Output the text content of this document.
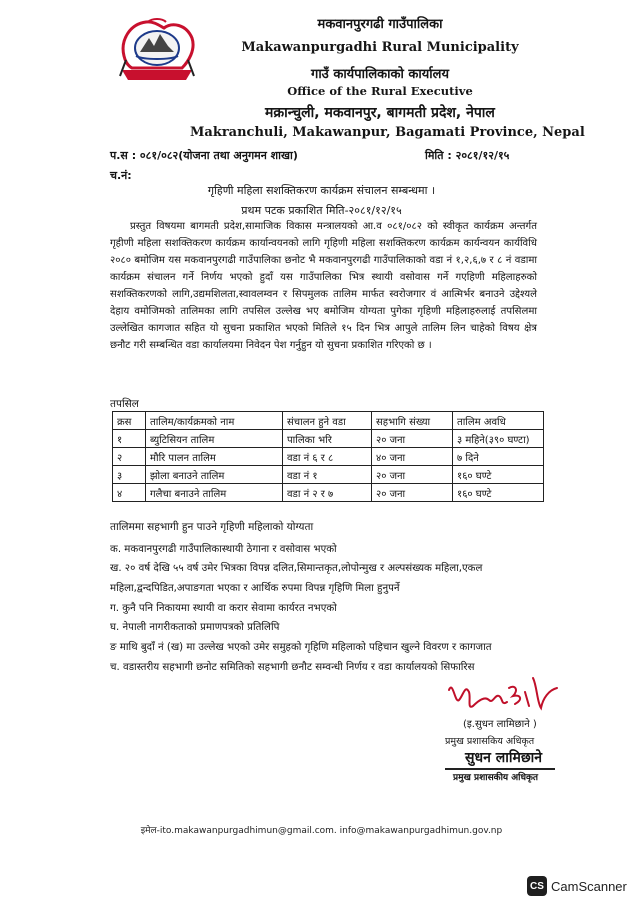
मकवानपुरगढी गाउँपालिका
Makawanpurgadhi Rural Municipality
गाउँ कार्यपालिकाको कार्यालय
Office of the Rural Executive
मक्रान्चुली, मकवानपुर, बागमती प्रदेश, नेपाल
Makranchuli, Makawanpur, Bagamati Province, Nepal
प.स : ०८१/०८२(योजना तथा अनुगमन शाखा)
च.नं:
मिति : २०८१/१२/१५
गृहिणी महिला सशक्तिकरण कार्यक्रम संचालन सम्बन्धमा ।
प्रथम पटक प्रकाशित मिति-२०८१/१२/१५
प्रस्तुत विषयमा बागमती प्रदेश,सामाजिक विकास मन्त्रालयको आ.व ०८१/०८२ को स्वीकृत कार्यक्रम अन्तर्गत गृहीणी महिला सशक्तिकरण कार्यक्रम कार्यान्वयनको लागि गृहिणी महिला सशक्तिकरण कार्यक्रम कार्यन्वयन कार्यविधि २०८० बमोजिम यस मकवानपुरगढी गाउँपालिका छनोट भै मकवानपुरगढी गाउँपालिकाको वडा नं १,२,६,७ र ८ नं वडामा कार्यक्रम संचालन गर्ने निर्णय भएको हुदाँ यस गाउँपालिका भित्र स्थायी वसोवास गर्ने गएहिणी महिलाहरुको सशक्तिकरणको लागि,उद्यमशिलता,स्वावलम्वन र सिपमुलक तालिम मार्फत स्वरोजगार वं आत्मिर्भर बनाउने उद्देश्यले देहाय वमोजिमको तालिमका लागि तपसिल उल्लेख भए बमोजिम योग्यता पुगेका गृहिणी महिलाहरुलाई तपसिलमा उल्लेखित कागजात सहित यो सुचना प्रकाशित भएको मितिले १५ दिन भित्र आपुले तालिम लिन चाहेको विषय क्षेत्र छनौट गरी सम्बन्धित वडा कार्यालयमा निवेदन पेश गर्नुहुन यो सुचना प्रकाशित गरिएको छ ।
क्रस	तालिम/कार्यक्रमको नाम	संचालन हुने वडा	सहभागि संख्या	तालिम अवधि
१	ब्युटिसियन तालिम	पालिका भरि	२० जना	३ महिने(३९० घण्टा)
२	मौरि पालन तालिम	वडा नं ६ र ८	४० जना	७ दिने
३	झोला बनाउने तालिम	वडा नं १	२० जना	१६० घण्टे
४	गलैचा बनाउने तालिम	वडा नं २ र ७	२० जना	१६० घण्टे
तपसिल
तालिममा सहभागी हुन पाउने गृहिणी महिलाको योग्यता
क. मकवानपुरगढी गाउँपालिकास्थायी ठेगाना र वसोवास भएको
ख. २० वर्ष देखि ५५ वर्ष उमेर भित्रका विपन्न दलित,सिमान्तकृत,लोपोन्मुख र अल्पसंख्यक महिला,एकल
महिला,द्वन्दपिडित,अपाङगता भएका र आर्थिक रुपमा विपन्न गृहिणि मिला हुनुपर्ने
ग. कुनै पनि निकायमा स्थायी वा करार सेवामा कार्यरत नभएको
घ. नेपाली नागरीकताको प्रमाणपत्रको प्रतिलिपि
ङ माथि बुदाँ नं (ख) मा उल्लेख भएको उमेर समुहको गृहिणि महिलाको पहिचान खुल्ने विवरण र कागजात
च. वडास्तरीय सहभागी छनोट समितिको सहभागी छनौट सम्वन्धी निर्णय र वडा कार्यालयको सिफारिस
(इ.सुधन लामिछाने )
प्रमुख प्रशासकिय अधिकृत
सुधन लामिछाने
प्रमुख प्रशासकीय अधिकृत
इमेल-ito.makawanpurgadhimun@gmail.com. info@makawanpurgadhimun.gov.np
CS CamScanner
